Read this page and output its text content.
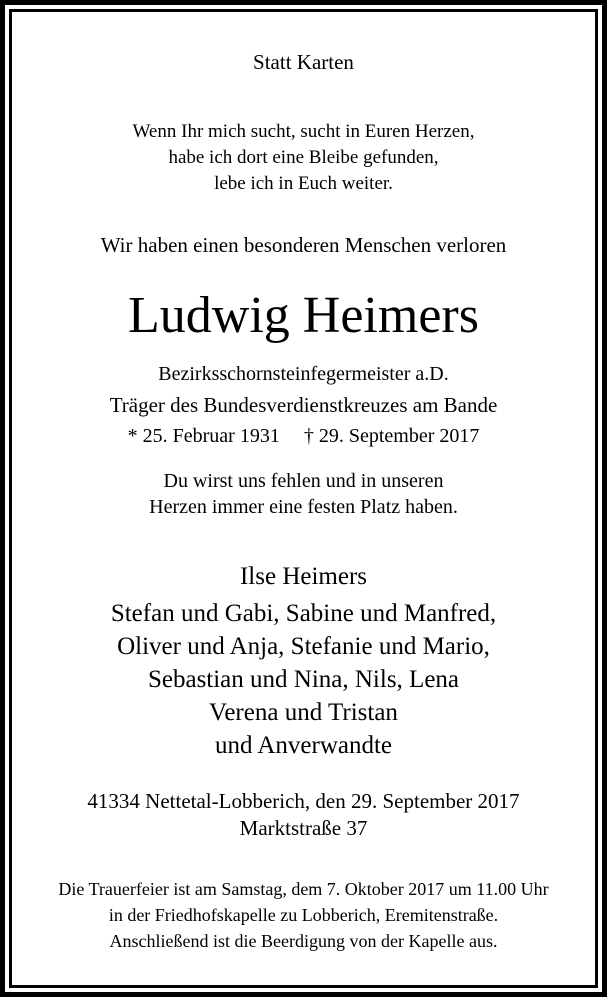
Statt Karten
Wenn Ihr mich sucht, sucht in Euren Herzen,
habe ich dort eine Bleibe gefunden,
lebe ich in Euch weiter.
Wir haben einen besonderen Menschen verloren
Ludwig Heimers
Bezirksschornsteinfegermeister a.D.
Träger des Bundesverdienstkreuzes am Bande
* 25. Februar 1931 † 29. September 2017
Du wirst uns fehlen und in unseren
Herzen immer eine festen Platz haben.
Ilse Heimers
Stefan und Gabi, Sabine und Manfred,
Oliver und Anja, Stefanie und Mario,
Sebastian und Nina, Nils, Lena
Verena und Tristan
und Anverwandte
41334 Nettetal-Lobberich, den 29. September 2017
Marktstraße 37
Die Trauerfeier ist am Samstag, dem 7. Oktober 2017 um 11.00 Uhr
in der Friedhofskapelle zu Lobberich, Eremitenstraße.
Anschließend ist die Beerdigung von der Kapelle aus.
